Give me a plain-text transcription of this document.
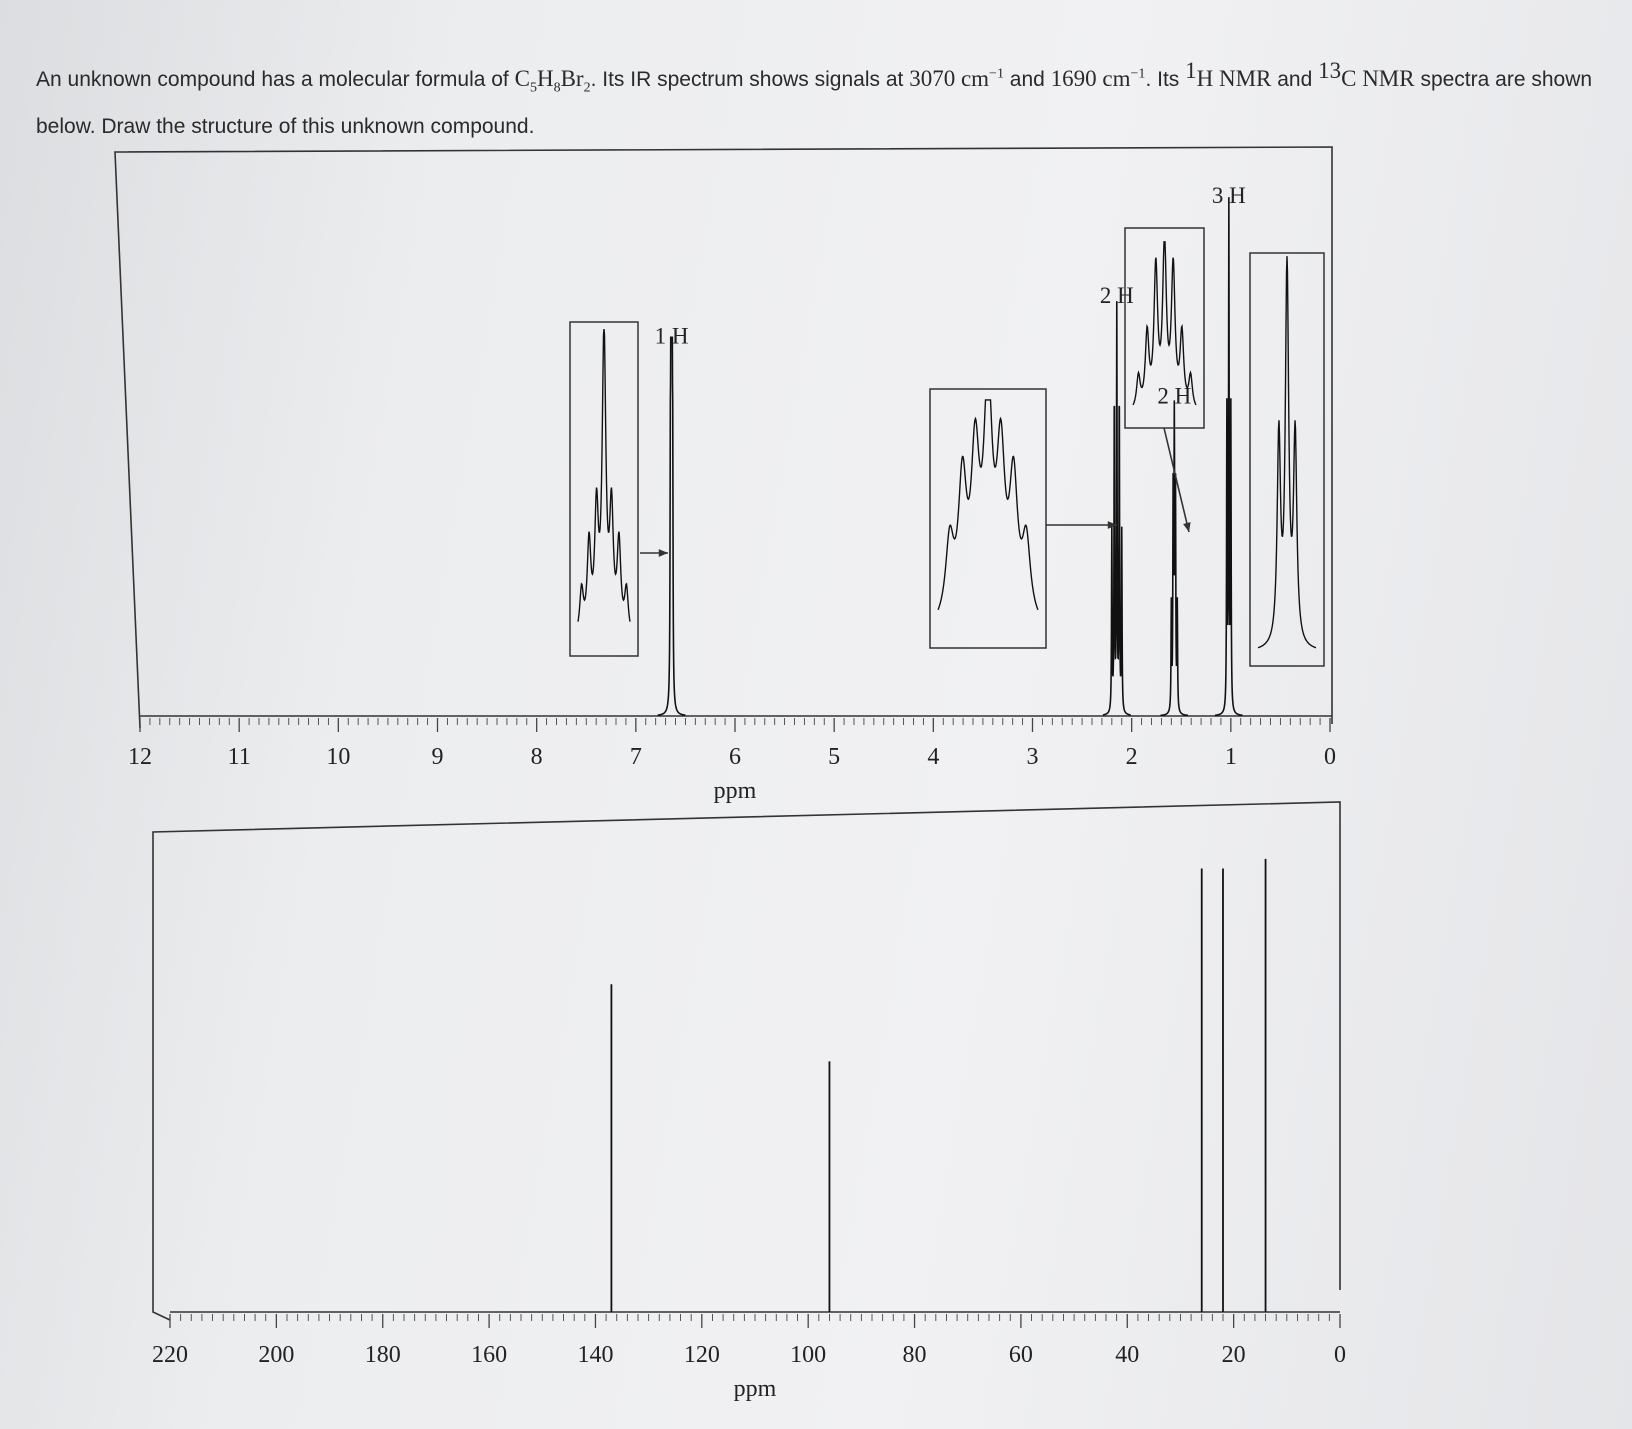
An unknown compound has a molecular formula of $C_5H_8Br_2$. Its IR spectrum shows signals at 3070 $cm^{-1}$ and 1690 $cm^{-1}$. Its $^1$H NMR and $^{13}$C NMR spectra are shown below. Draw the structure of this unknown compound.
12	11	10	9	8	7	6	5	4	3	2	1	0
ppm
1 H
2 H
2 H
3 H
220	200	180	160	140	120	100	80	60	40	20	0
ppm
